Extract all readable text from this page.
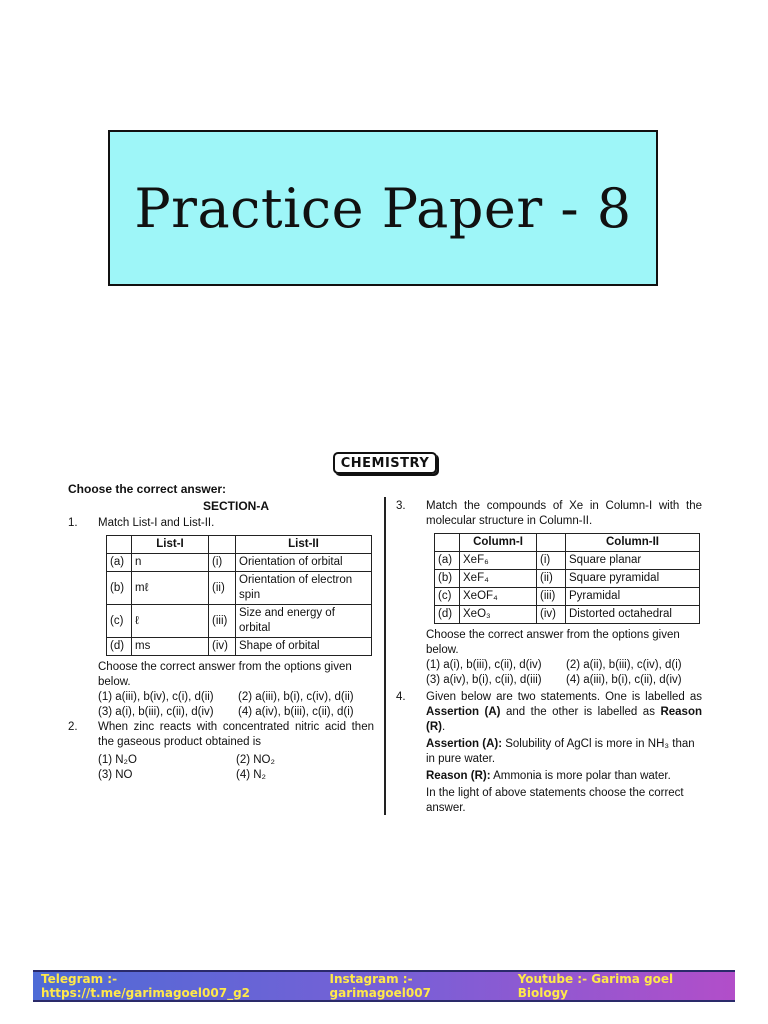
Practice Paper - 8
CHEMISTRY
Choose the correct answer:
SECTION-A
1.	Match List-I and List-II.
	List-I		List-II
(a)	n	(i)	Orientation of orbital
(b)	mℓ	(ii)	Orientation of electron spin
(c)	ℓ	(iii)	Size and energy of orbital
(d)	ms	(iv)	Shape of orbital
Choose the correct answer from the options given below.
(1) a(iii), b(iv), c(i), d(ii)	(2) a(iii), b(i), c(iv), d(ii)
(3) a(i), b(iii), c(ii), d(iv)	(4) a(iv), b(iii), c(ii), d(i)
2.	When zinc reacts with concentrated nitric acid then the gaseous product obtained is
(1) N₂O	(2) NO₂
(3) NO	(4) N₂
3.	Match the compounds of Xe in Column-I with the molecular structure in Column-II.
	Column-I		Column-II
(a)	XeF₆	(i)	Square planar
(b)	XeF₄	(ii)	Square pyramidal
(c)	XeOF₄	(iii)	Pyramidal
(d)	XeO₃	(iv)	Distorted octahedral
Choose the correct answer from the options given below.
(1) a(i), b(iii), c(ii), d(iv)	(2) a(ii), b(iii), c(iv), d(i)
(3) a(iv), b(i), c(ii), d(iii)	(4) a(iii), b(i), c(ii), d(iv)
4.	Given below are two statements. One is labelled as Assertion (A) and the other is labelled as Reason (R).
Assertion (A): Solubility of AgCl is more in NH₃ than in pure water.
Reason (R): Ammonia is more polar than water.
In the light of above statements choose the correct answer.
Telegram :- https://t.me/garimagoel007_g2
Instagram :- garimagoel007
Youtube :- Garima goel Biology
